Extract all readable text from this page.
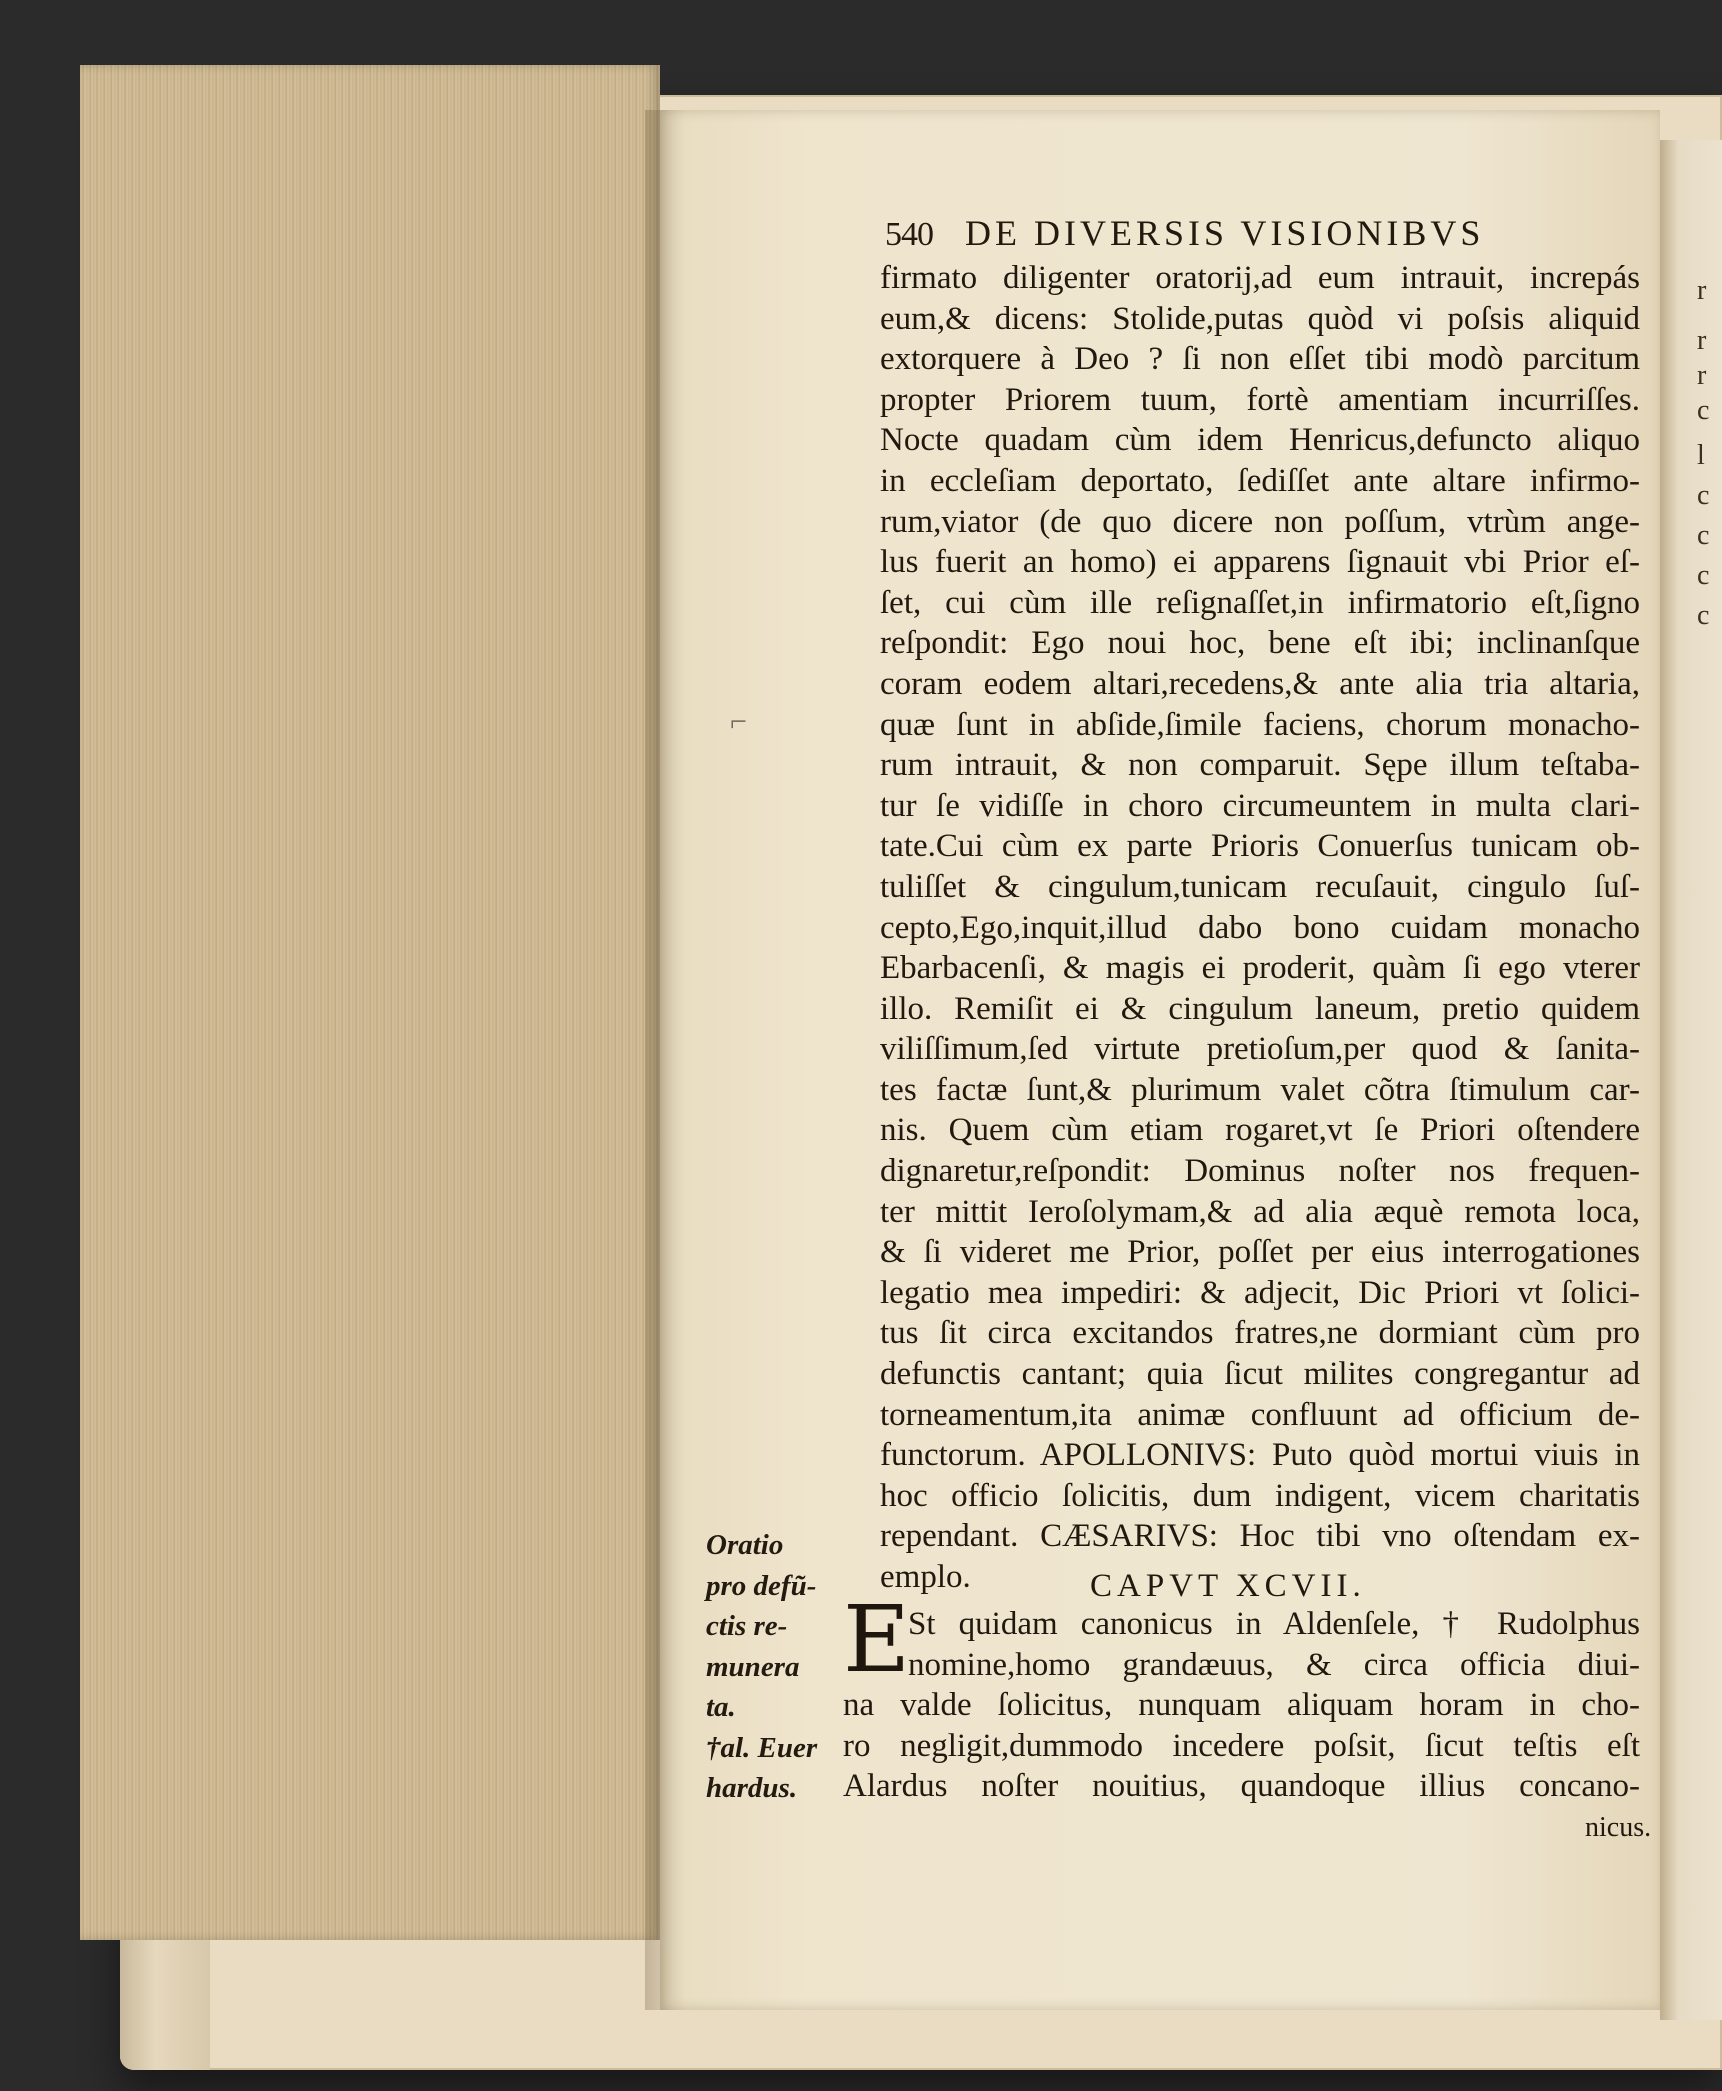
r
r
r
c
l
c
c
c
c
540 DE DIVERSIS VISIONIBVS
firmato diligenter oratorij,ad eum intrauit, increpás
eum,& dicens: Stolide,putas quòd vi poſsis aliquid
extorquere à Deo ? ſi non eſſet tibi modò parcitum
propter Priorem tuum, fortè amentiam incurriſſes.
Nocte quadam cùm idem Henricus,defuncto aliquo
in eccleſiam deportato, ſediſſet ante altare infirmo-
rum,viator (de quo dicere non poſſum, vtrùm ange-
lus fuerit an homo) ei apparens ſignauit vbi Prior eſ-
ſet, cui cùm ille reſignaſſet,in infirmatorio eſt,ſigno
reſpondit: Ego noui hoc, bene eſt ibi; inclinanſque
coram eodem altari,recedens,& ante alia tria altaria,
quæ ſunt in abſide,ſimile faciens, chorum monacho-
rum intrauit, & non comparuit. Sępe illum teſtaba-
tur ſe vidiſſe in choro circumeuntem in multa clari-
tate.Cui cùm ex parte Prioris Conuerſus tunicam ob-
tuliſſet & cingulum,tunicam recuſauit, cingulo ſuſ-
cepto,Ego,inquit,illud dabo bono cuidam monacho
Ebarbacenſi, & magis ei proderit, quàm ſi ego vterer
illo. Remiſit ei & cingulum laneum, pretio quidem
viliſſimum,ſed virtute pretioſum,per quod & ſanita-
tes factæ ſunt,& plurimum valet cõtra ſtimulum car-
nis. Quem cùm etiam rogaret,vt ſe Priori oſtendere
dignaretur,reſpondit: Dominus noſter nos frequen-
ter mittit Ieroſolymam,& ad alia æquè remota loca,
& ſi videret me Prior, poſſet per eius interrogationes
legatio mea impediri: & adjecit, Dic Priori vt ſolici-
tus ſit circa excitandos fratres,ne dormiant cùm pro
defunctis cantant; quia ſicut milites congregantur ad
torneamentum,ita animæ confluunt ad officium de-
functorum. APOLLONIVS: Puto quòd mortui viuis in
hoc officio ſolicitis, dum indigent, vicem charitatis
rependant. CÆSARIVS: Hoc tibi vno oſtendam ex-
emplo.
Oratio
pro defũ-
ctis re-
munera
ta.
†al. Euer
hardus.
CAPVT XCVII.
E
St quidam canonicus in Aldenſele, † Rudolphus
nomine,homo grandæuus, & circa officia diui-
na valde ſolicitus, nunquam aliquam horam in cho-
ro negligit,dummodo incedere poſsit, ſicut teſtis eſt
Alardus noſter nouitius, quandoque illius concano-
nicus.
⌐
